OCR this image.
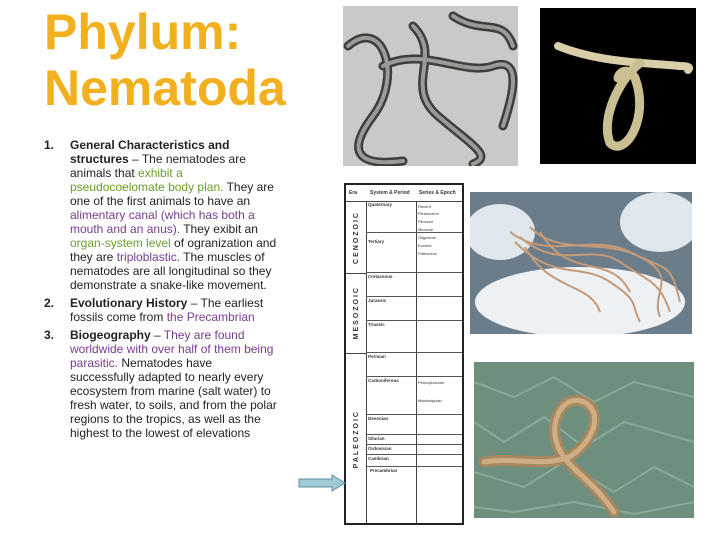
Phylum: Nematoda
1. General Characteristics and structures – The nematodes are animals that exhibit a pseudocoelomate body plan. They are one of the first animals to have an alimentary canal (which has both a mouth and an anus). They exibit an organ-system level of ogranization and they are triploblastic. The muscles of nematodes are all longitudinal so they demonstrate a snake-like movement.
2. Evolutionary History – The earliest fossils come from the Precambrian
3. Biogeography – They are found worldwide with over half of them being parasitic. Nematodes have successfully adapted to nearly every ecosystem from marine (salt water) to fresh water, to soils, and from the polar regions to the tropics, as well as the highest to the lowest of elevations
Era	System & Period Series & Epoch
CENOZOIC
MESOZOIC
PALEOZOIC
Quaternary
Tertiary
Cretaceous
Jurassic
Triassic
Permian
Carboniferous
Devonian
Silurian
Ordovician
Cambrian
Precambrian
Recent
Pleistocene
Pliocene
Miocene
Oligocene
Eocene
Paleocene
Pennsylvanian
Mississippian
